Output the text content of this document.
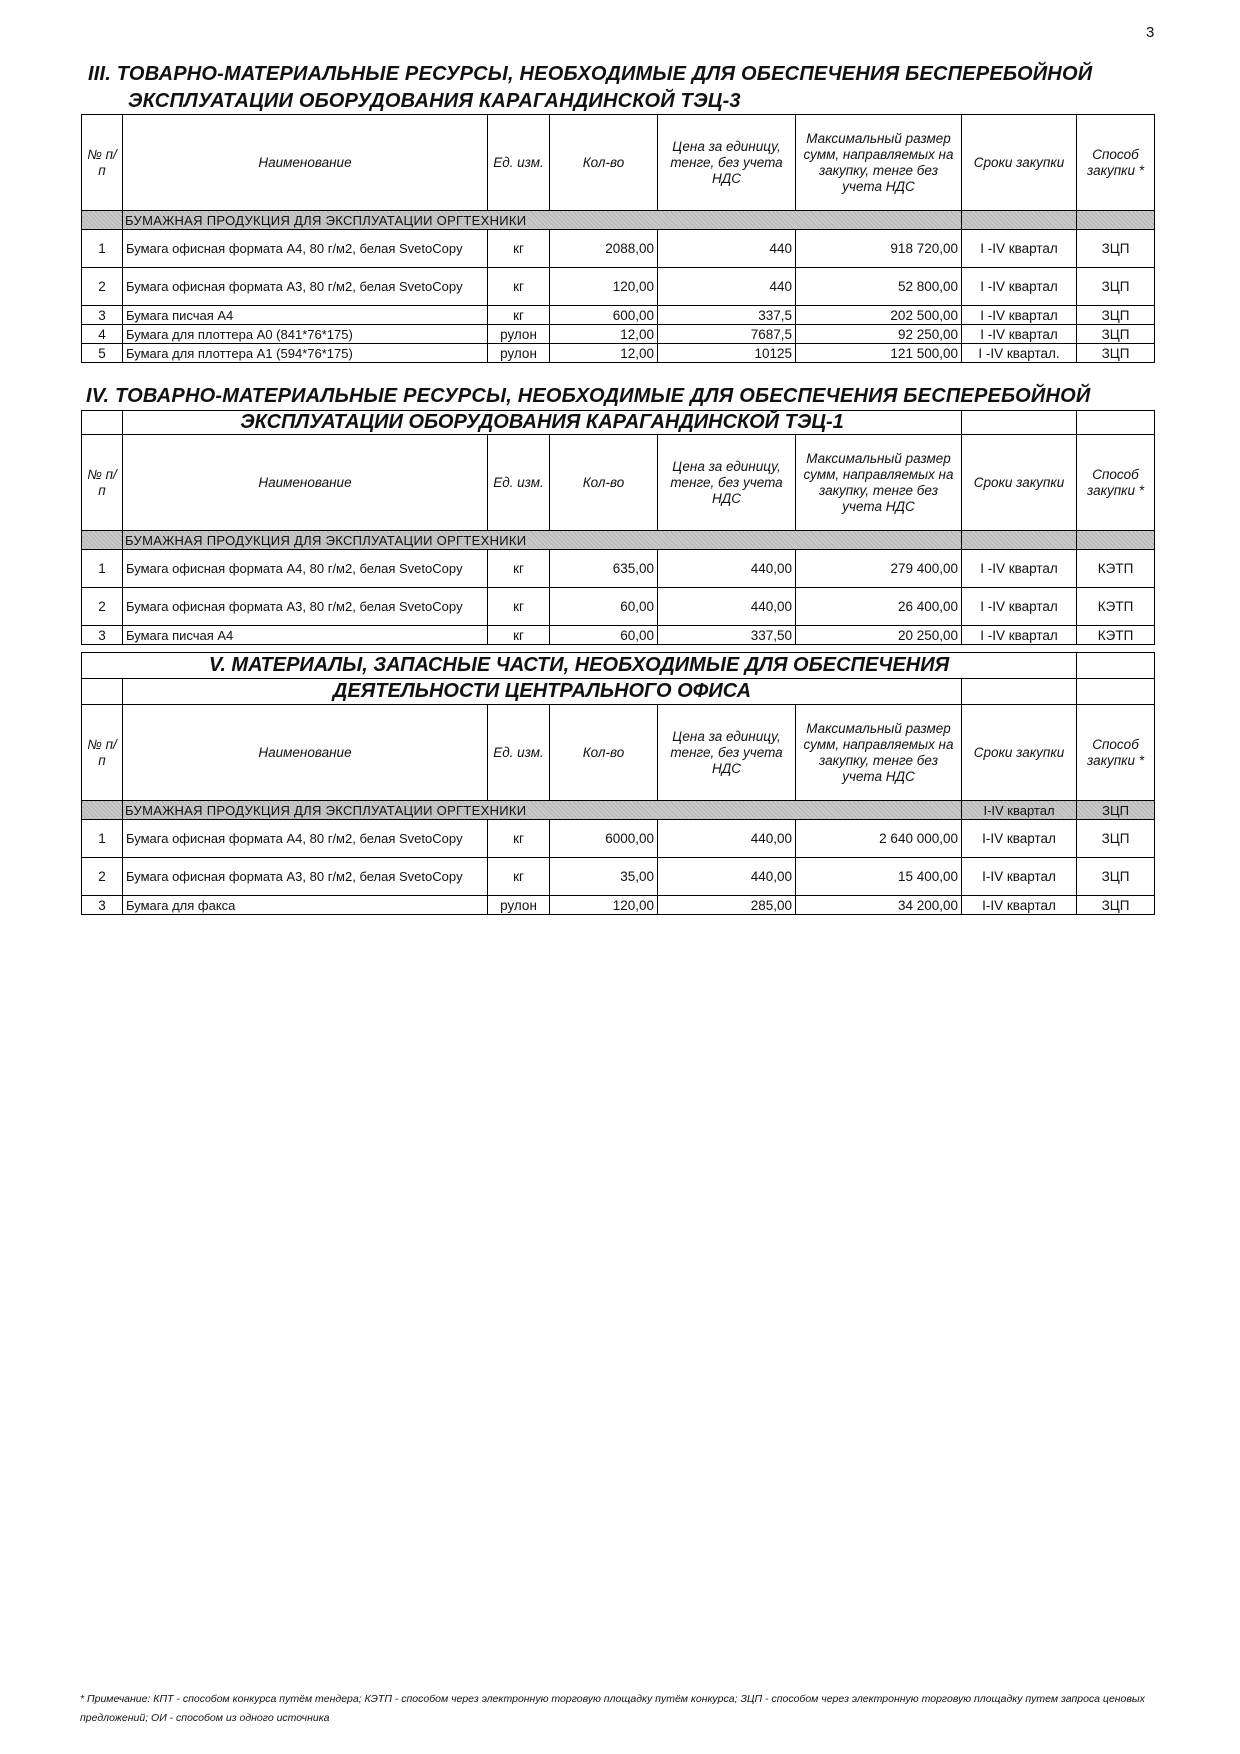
3
III. ТОВАРНО-МАТЕРИАЛЬНЫЕ РЕСУРСЫ, НЕОБХОДИМЫЕ ДЛЯ ОБЕСПЕЧЕНИЯ БЕСПЕРЕБОЙНОЙ
ЭКСПЛУАТАЦИИ ОБОРУДОВАНИЯ КАРАГАНДИНСКОЙ ТЭЦ-3
№ п/п	Наименование	Ед. изм.	Кол-во	Цена за единицу, тенге, без учета НДС	Максимальный размер сумм, направляемых на закупку, тенге без учета НДС	Сроки закупки	Способ закупки *
	БУМАЖНАЯ ПРОДУКЦИЯ ДЛЯ ЭКСПЛУАТАЦИИ ОРГТЕХНИКИ						
1	Бумага офисная формата А4, 80 г/м2, белая SvetoCopy	кг	2088,00	440	918 720,00	I -IV квартал	ЗЦП
2	Бумага офисная формата А3, 80 г/м2, белая SvetoCopy	кг	120,00	440	52 800,00	I -IV квартал	ЗЦП
3	Бумага писчая А4	кг	600,00	337,5	202 500,00	I -IV квартал	ЗЦП
4	Бумага для плоттера А0 (841*76*175)	рулон	12,00	7687,5	92 250,00	I -IV квартал	ЗЦП
5	Бумага для плоттера А1 (594*76*175)	рулон	12,00	10125	121 500,00	I -IV квартал.	ЗЦП
IV. ТОВАРНО-МАТЕРИАЛЬНЫЕ РЕСУРСЫ, НЕОБХОДИМЫЕ ДЛЯ ОБЕСПЕЧЕНИЯ БЕСПЕРЕБОЙНОЙ
	ЭКСПЛУАТАЦИИ ОБОРУДОВАНИЯ КАРАГАНДИНСКОЙ ТЭЦ-1						
№ п/п	Наименование	Ед. изм.	Кол-во	Цена за единицу, тенге, без учета НДС	Максимальный размер сумм, направляемых на закупку, тенге без учета НДС	Сроки закупки	Способ закупки *
	БУМАЖНАЯ ПРОДУКЦИЯ ДЛЯ ЭКСПЛУАТАЦИИ ОРГТЕХНИКИ						
1	Бумага офисная формата А4, 80 г/м2, белая SvetoCopy	кг	635,00	440,00	279 400,00	I -IV квартал	КЭТП
2	Бумага офисная формата А3, 80 г/м2, белая SvetoCopy	кг	60,00	440,00	26 400,00	I -IV квартал	КЭТП
3	Бумага писчая А4	кг	60,00	337,50	20 250,00	I -IV квартал	КЭТП
V. МАТЕРИАЛЫ, ЗАПАСНЫЕ ЧАСТИ, НЕОБХОДИМЫЕ ДЛЯ ОБЕСПЕЧЕНИЯ							
	ДЕЯТЕЛЬНОСТИ ЦЕНТРАЛЬНОГО ОФИСА						
№ п/п	Наименование	Ед. изм.	Кол-во	Цена за единицу, тенге, без учета НДС	Максимальный размер сумм, направляемых на закупку, тенге без учета НДС	Сроки закупки	Способ закупки *
	БУМАЖНАЯ ПРОДУКЦИЯ ДЛЯ ЭКСПЛУАТАЦИИ ОРГТЕХНИКИ					I-IV квартал	ЗЦП
1	Бумага офисная формата А4, 80 г/м2, белая SvetoCopy	кг	6000,00	440,00	2 640 000,00	I-IV квартал	ЗЦП
2	Бумага офисная формата А3, 80 г/м2, белая SvetoCopy	кг	35,00	440,00	15 400,00	I-IV квартал	ЗЦП
3	Бумага для факса	рулон	120,00	285,00	34 200,00	I-IV квартал	ЗЦП
* Примечание: КПТ - способом конкурса путём тендера; КЭТП - способом через электронную торговую площадку путём конкурса; ЗЦП - способом через электронную торговую площадку путем запроса ценовых предложений; ОИ - способом из одного источника
